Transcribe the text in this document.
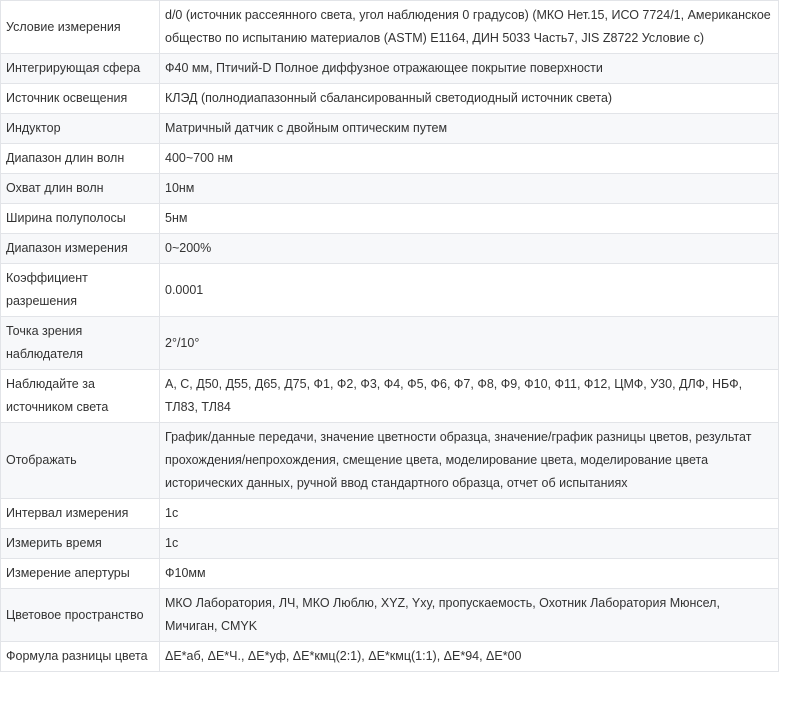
Условие измерения	d/0 (источник рассеянного света, угол наблюдения 0 градусов) (МКО Нет.15, ИСО 7724/1, Американское общество по испытанию материалов (ASTM) E1164, ДИН 5033 Часть7, JIS Z8722 Условие c)
Интегрирующая сфера	Ф40 мм, Птичий-D Полное диффузное отражающее покрытие поверхности
Источник освещения	КЛЭД (полнодиапазонный сбалансированный светодиодный источник света)
Индуктор	Матричный датчик с двойным оптическим путем
Диапазон длин волн	400~700 нм
Охват длин волн	10нм
Ширина полуполосы	5нм
Диапазон измерения	0~200%
Коэффициент разрешения	0.0001
Точка зрения наблюдателя	2°/10°
Наблюдайте за источником света	A, C, Д50, Д55, Д65, Д75, Ф1, Ф2, Ф3, Ф4, Ф5, Ф6, Ф7, Ф8, Ф9, Ф10, Ф11, Ф12, ЦМФ, У30, ДЛФ, НБФ, ТЛ83, ТЛ84
Отображать	График/данные передачи, значение цветности образца, значение/график разницы цветов, результат прохождения/непрохождения, смещение цвета, моделирование цвета, моделирование цвета исторических данных, ручной ввод стандартного образца, отчет об испытаниях
Интервал измерения	1с
Измерить время	1с
Измерение апертуры	Ф10мм
Цветовое пространство	МКО Лаборатория, ЛЧ, МКО Люблю, XYZ, Yxy, пропускаемость, Охотник Лаборатория Мюнсел, Мичиган, CMYK
Формула разницы цвета	ΔE*аб, ΔE*Ч., ΔE*уф, ΔE*кмц(2:1), ΔE*кмц(1:1), ΔE*94, ΔE*00
